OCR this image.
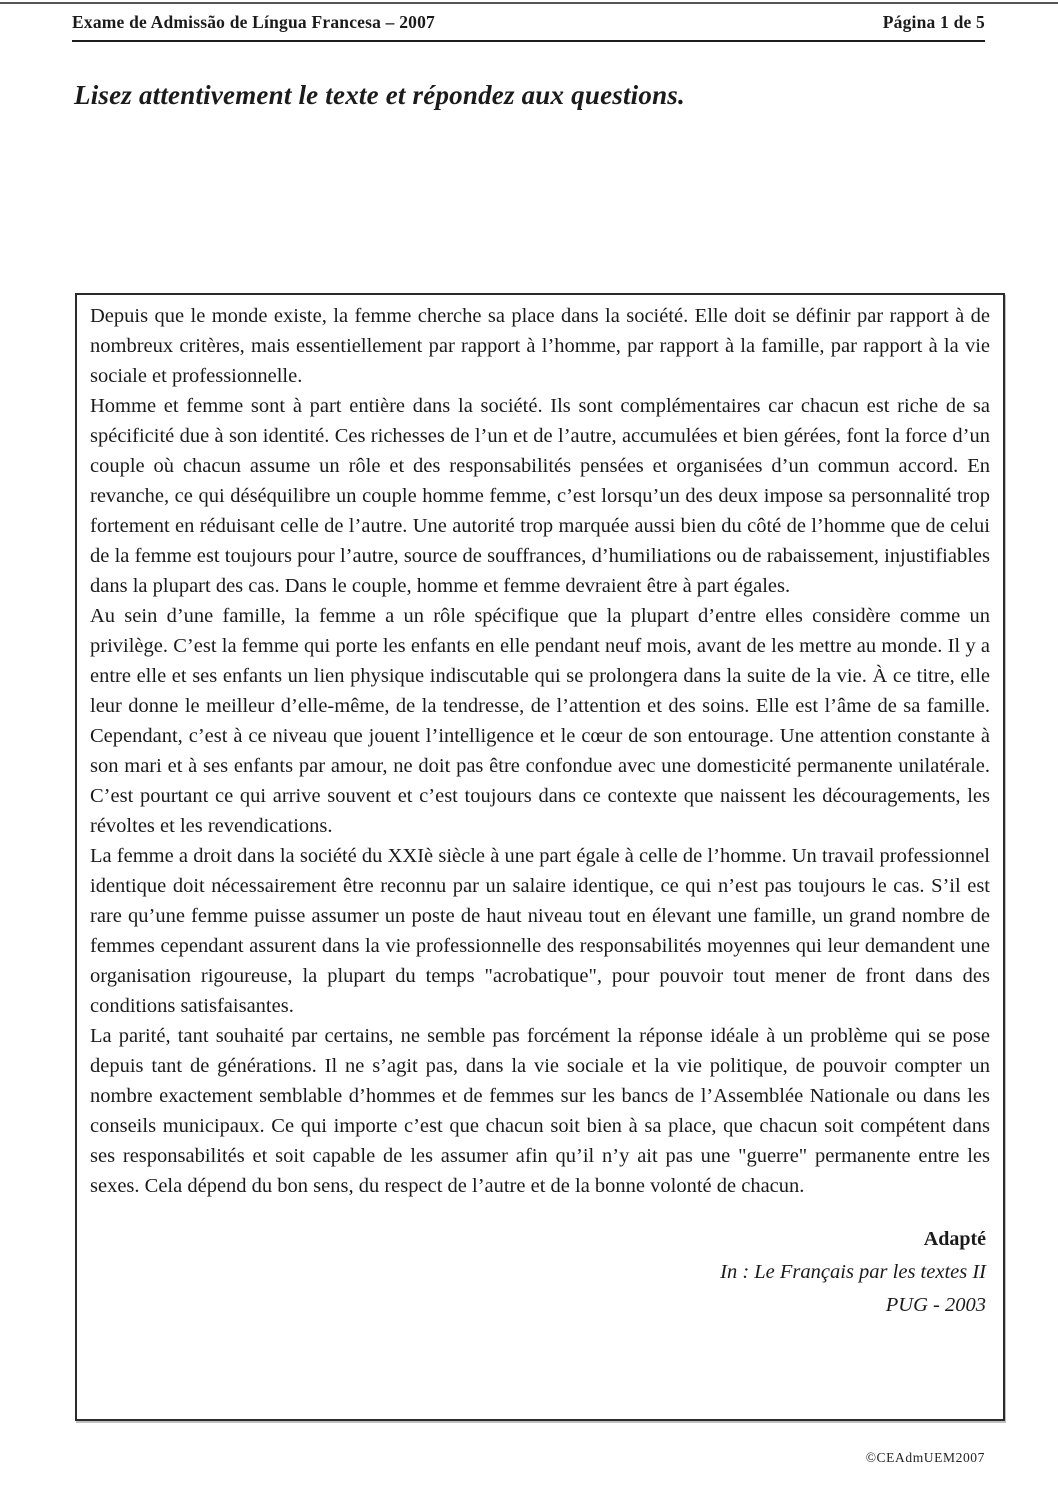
Exame de Admissão de Língua Francesa – 2007	Página 1 de 5
Lisez attentivement le texte et répondez aux questions.

Depuis que le monde existe, la femme cherche sa place dans la société. Elle doit se définir par rapport à de nombreux critères, mais essentiellement par rapport à l’homme, par rapport à la famille, par rapport à la vie sociale et professionnelle.

Homme et femme sont à part entière dans la société. Ils sont complémentaires car chacun est riche de sa spécificité due à son identité. Ces richesses de l’un et de l’autre, accumulées et bien gérées, font la force d’un couple où chacun assume un rôle et des responsabilités pensées et organisées d’un commun accord. En revanche, ce qui déséquilibre un couple homme femme, c’est lorsqu’un des deux impose sa personnalité trop fortement en réduisant celle de l’autre. Une autorité trop marquée aussi bien du côté de l’homme que de celui de la femme est toujours pour l’autre, source de souffrances, d’humiliations ou de rabaissement, injustifiables dans la plupart des cas. Dans le couple, homme et femme devraient être à part égales.

Au sein d’une famille, la femme a un rôle spécifique que la plupart d’entre elles considère comme un privilège. C’est la femme qui porte les enfants en elle pendant neuf mois, avant de les mettre au monde. Il y a entre elle et ses enfants un lien physique indiscutable qui se prolongera dans la suite de la vie. À ce titre, elle leur donne le meilleur d’elle-même, de la tendresse, de l’attention et des soins. Elle est l’âme de sa famille. Cependant, c’est à ce niveau que jouent l’intelligence et le cœur de son entourage. Une attention constante à son mari et à ses enfants par amour, ne doit pas être confondue avec une domesticité permanente unilatérale. C’est pourtant ce qui arrive souvent et c’est toujours dans ce contexte que naissent les découragements, les révoltes et les revendications.

La femme a droit dans la société du XXIè siècle à une part égale à celle de l’homme. Un travail professionnel identique doit nécessairement être reconnu par un salaire identique, ce qui n’est pas toujours le cas. S’il est rare qu’une femme puisse assumer un poste de haut niveau tout en élevant une famille, un grand nombre de femmes cependant assurent dans la vie professionnelle des responsabilités moyennes qui leur demandent une organisation rigoureuse, la plupart du temps "acrobatique", pour pouvoir tout mener de front dans des conditions satisfaisantes.

La parité, tant souhaité par certains, ne semble pas forcément la réponse idéale à un problème qui se pose depuis tant de générations. Il ne s’agit pas, dans la vie sociale et la vie politique, de pouvoir compter un nombre exactement semblable d’hommes et de femmes sur les bancs de l’Assemblée Nationale ou dans les conseils municipaux. Ce qui importe c’est que chacun soit bien à sa place, que chacun soit compétent dans ses responsabilités et soit capable de les assumer afin qu’il n’y ait pas une "guerre" permanente entre les sexes. Cela dépend du bon sens, du respect de l’autre et de la bonne volonté de chacun.

Adapté
In : Le Français par les textes II
PUG - 2003
©CEAdmUEM2007
